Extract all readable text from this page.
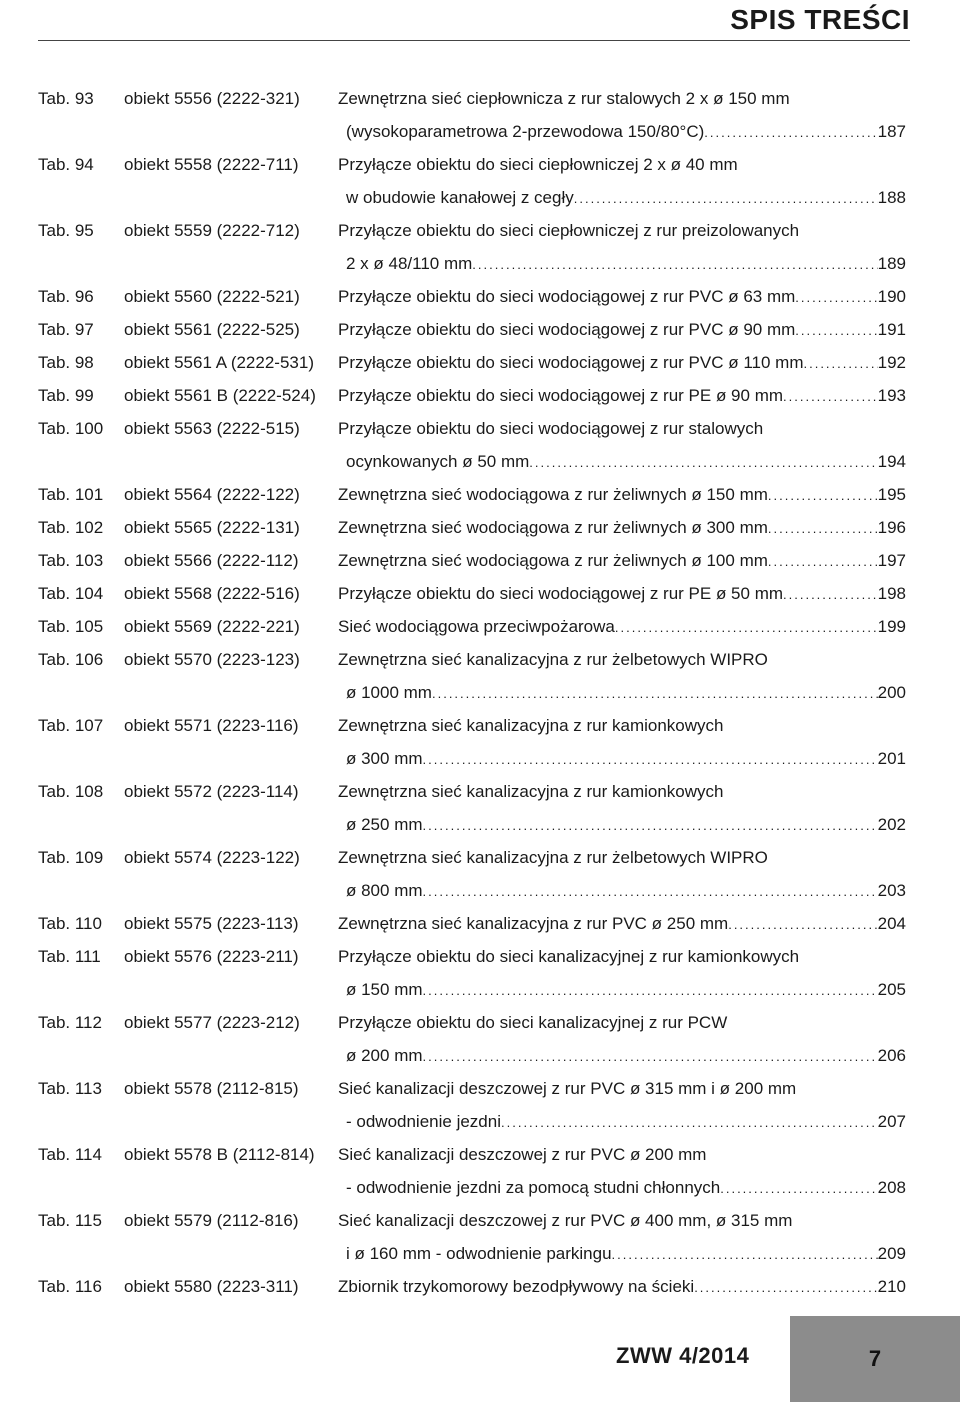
SPIS TREŚCI
Tab. 93 obiekt 5556 (2222-321) Zewnętrzna sieć ciepłownicza z rur stalowych 2 x ø 150 mm
(wysokoparametrowa 2-przewodowa 150/80°C) .....	187
Tab. 94 obiekt 5558 (2222-711) Przyłącze obiektu do sieci ciepłowniczej 2 x ø 40 mm
w obudowie kanałowej z cegły .....	188
Tab. 95 obiekt 5559 (2222-712) Przyłącze obiektu do sieci ciepłowniczej z rur preizolowanych
2 x ø 48/110 mm .....	189
Tab. 96 obiekt 5560 (2222-521) Przyłącze obiektu do sieci wodociągowej z rur PVC ø 63 mm .....	190
Tab. 97 obiekt 5561 (2222-525) Przyłącze obiektu do sieci wodociągowej z rur PVC ø 90 mm .....	191
Tab. 98 obiekt 5561 A (2222-531) Przyłącze obiektu do sieci wodociągowej z rur PVC ø 110 mm .....	192
Tab. 99 obiekt 5561 B (2222-524) Przyłącze obiektu do sieci wodociągowej z rur PE ø 90 mm .....	193
Tab. 100 obiekt 5563 (2222-515) Przyłącze obiektu do sieci wodociągowej z rur stalowych
ocynkowanych ø 50 mm .....	194
Tab. 101 obiekt 5564 (2222-122) Zewnętrzna sieć wodociągowa z rur żeliwnych ø 150 mm .....	195
Tab. 102 obiekt 5565 (2222-131) Zewnętrzna sieć wodociągowa z rur żeliwnych ø 300 mm .....	196
Tab. 103 obiekt 5566 (2222-112) Zewnętrzna sieć wodociągowa z rur żeliwnych ø 100 mm .....	197
Tab. 104 obiekt 5568 (2222-516) Przyłącze obiektu do sieci wodociągowej z rur PE ø 50 mm .....	198
Tab. 105 obiekt 5569 (2222-221) Sieć wodociągowa przeciwpożarowa .....	199
Tab. 106 obiekt 5570 (2223-123) Zewnętrzna sieć kanalizacyjna z rur żelbetowych WIPRO
ø 1000 mm .....	200
Tab. 107 obiekt 5571 (2223-116) Zewnętrzna sieć kanalizacyjna z rur kamionkowych
ø 300 mm .....	201
Tab. 108 obiekt 5572 (2223-114) Zewnętrzna sieć kanalizacyjna z rur kamionkowych
ø 250 mm .....	202
Tab. 109 obiekt 5574 (2223-122) Zewnętrzna sieć kanalizacyjna z rur żelbetowych WIPRO
ø 800 mm .....	203
Tab. 110 obiekt 5575 (2223-113) Zewnętrzna sieć kanalizacyjna z rur PVC ø 250 mm .....	204
Tab. 111 obiekt 5576 (2223-211) Przyłącze obiektu do sieci kanalizacyjnej z rur kamionkowych
ø 150 mm .....	205
Tab. 112 obiekt 5577 (2223-212) Przyłącze obiektu do sieci kanalizacyjnej z rur PCW
ø 200 mm .....	206
Tab. 113 obiekt 5578 (2112-815) Sieć kanalizacji deszczowej z rur PVC ø 315 mm i ø 200 mm
- odwodnienie jezdni .....	207
Tab. 114 obiekt 5578 B (2112-814) Sieć kanalizacji deszczowej z rur PVC ø 200 mm
- odwodnienie jezdni za pomocą studni chłonnych .....	208
Tab. 115 obiekt 5579 (2112-816) Sieć kanalizacji deszczowej z rur PVC ø 400 mm, ø 315 mm
i ø 160 mm - odwodnienie parkingu .....	209
Tab. 116 obiekt 5580 (2223-311) Zbiornik trzykomorowy bezodpływowy na ścieki .....	210
ZWW 4/2014	7
